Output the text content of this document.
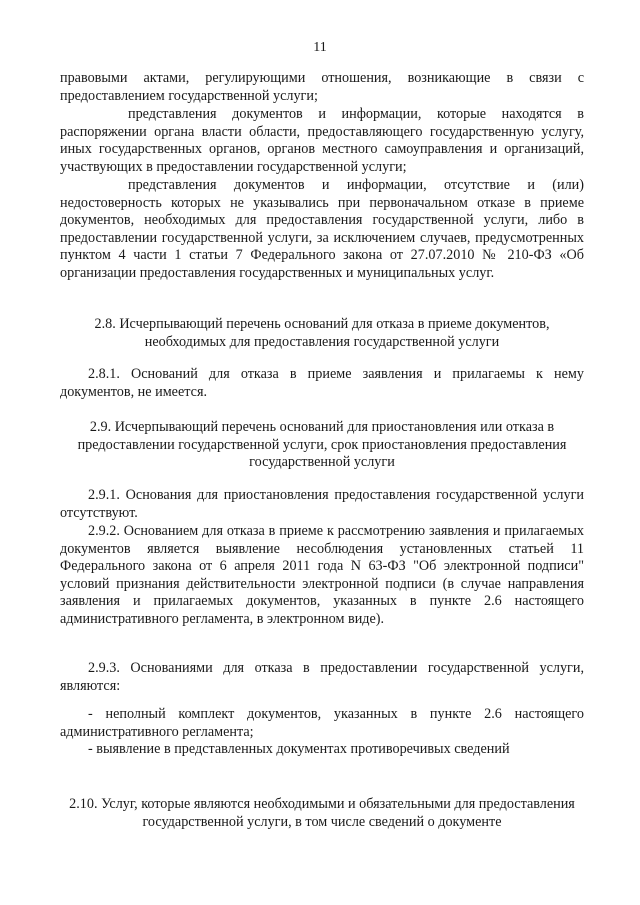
11

правовыми актами, регулирующими отношения, возникающие в связи с предоставлением государственной услуги;

представления документов и информации, которые находятся в распоряжении органа власти области, предоставляющего государственную услугу, иных государственных органов, органов местного самоуправления и организаций, участвующих в предоставлении государственной услуги;

представления документов и информации, отсутствие и (или) недостоверность которых не указывались при первоначальном отказе в приеме документов, необходимых для предоставления государственной услуги, либо в предоставлении государственной услуги, за исключением случаев, предусмотренных пунктом 4 части 1 статьи 7 Федерального закона от 27.07.2010 № 210-ФЗ «Об организации предоставления государственных и муниципальных услуг.

2.8. Исчерпывающий перечень оснований для отказа в приеме документов, необходимых для предоставления государственной услуги

2.8.1. Оснований для отказа в приеме заявления и прилагаемы к нему документов, не имеется.

2.9. Исчерпывающий перечень оснований для приостановления или отказа в предоставлении государственной услуги, срок приостановления предоставления государственной услуги

2.9.1. Основания для приостановления предоставления государственной услуги отсутствуют.

2.9.2. Основанием для отказа в приеме к рассмотрению заявления и прилагаемых документов является выявление несоблюдения установленных статьей 11 Федерального закона от 6 апреля 2011 года N 63-ФЗ "Об электронной подписи" условий признания действительности электронной подписи (в случае направления заявления и прилагаемых документов, указанных в пункте 2.6 настоящего административного регламента, в электронном виде).

2.9.3. Основаниями для отказа в предоставлении государственной услуги, являются:

- неполный комплект документов, указанных в пункте 2.6 настоящего административного регламента;

- выявление в представленных документах противоречивых сведений

2.10. Услуг, которые являются необходимыми и обязательными для предоставления государственной услуги, в том числе сведений о документе
